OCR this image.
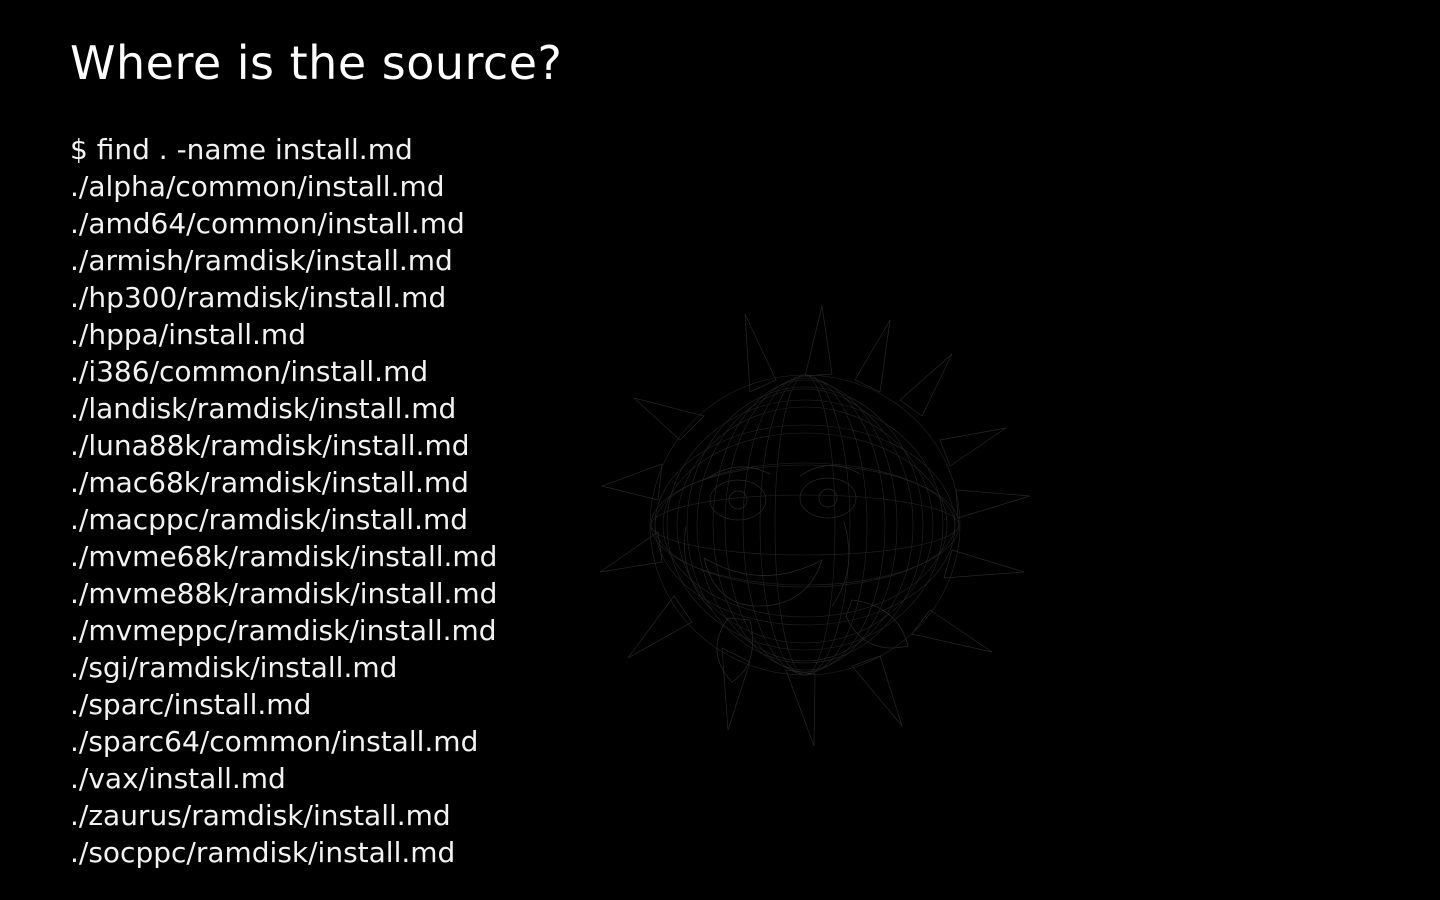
Where is the source?
$ find . -name install.md
./alpha/common/install.md
./amd64/common/install.md
./armish/ramdisk/install.md
./hp300/ramdisk/install.md
./hppa/install.md
./i386/common/install.md
./landisk/ramdisk/install.md
./luna88k/ramdisk/install.md
./mac68k/ramdisk/install.md
./macppc/ramdisk/install.md
./mvme68k/ramdisk/install.md
./mvme88k/ramdisk/install.md
./mvmeppc/ramdisk/install.md
./sgi/ramdisk/install.md
./sparc/install.md
./sparc64/common/install.md
./vax/install.md
./zaurus/ramdisk/install.md
./socppc/ramdisk/install.md
